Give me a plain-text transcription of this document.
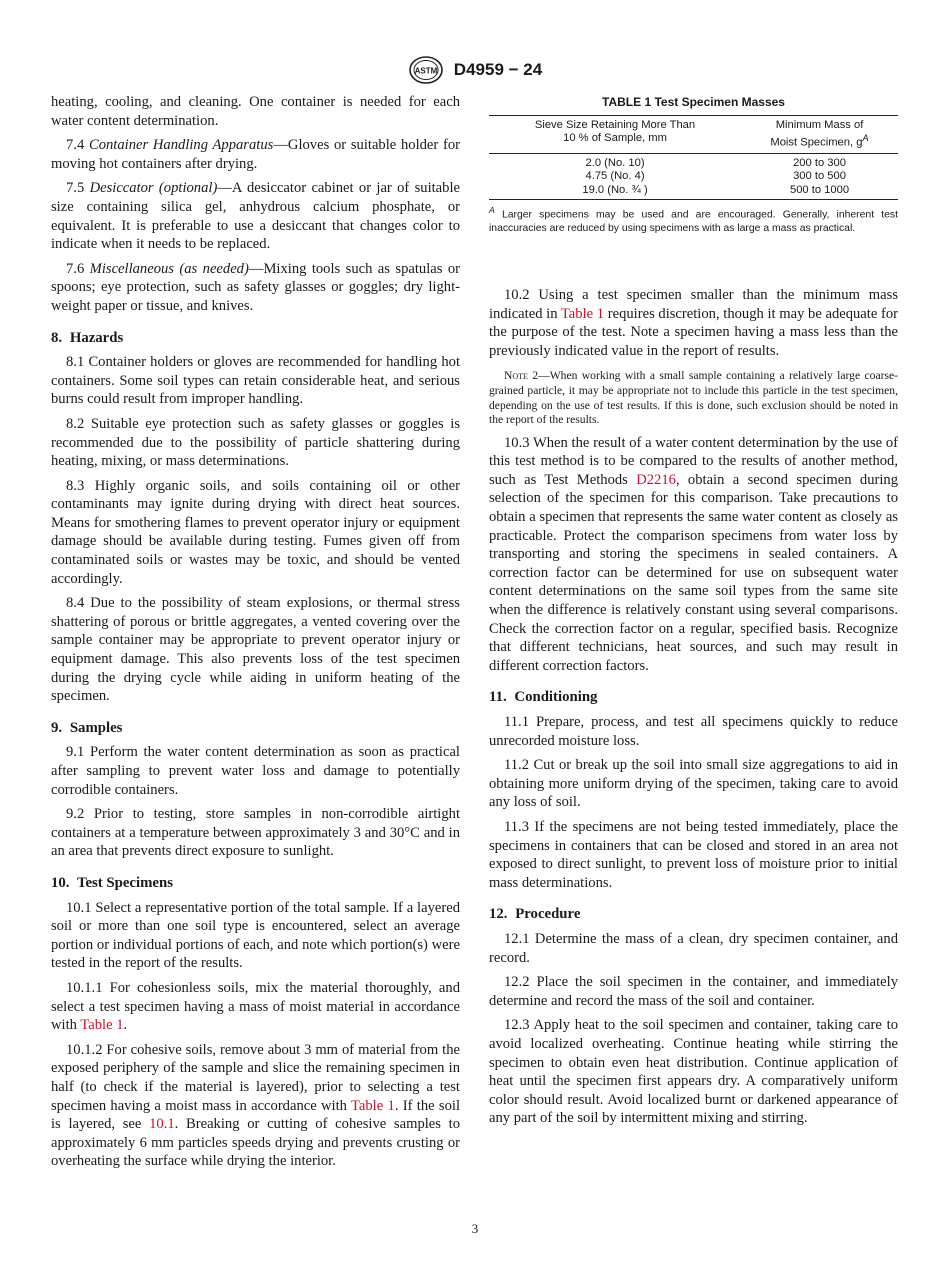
ASTM D4959 − 24

heating, cooling, and cleaning. One container is needed for each water content determination.

7.4 Container Handling Apparatus—Gloves or suitable holder for moving hot containers after drying.

7.5 Desiccator (optional)—A desiccator cabinet or jar of suitable size containing silica gel, anhydrous calcium phosphate, or equivalent. It is preferable to use a desiccant that changes color to indicate when it needs to be replaced.

7.6 Miscellaneous (as needed)—Mixing tools such as spatulas or spoons; eye protection, such as safety glasses or goggles; dry light-weight paper or tissue, and knives.

8. Hazards

8.1 Container holders or gloves are recommended for handling hot containers. Some soil types can retain considerable heat, and serious burns could result from improper handling.

8.2 Suitable eye protection such as safety glasses or goggles is recommended due to the possibility of particle shattering during heating, mixing, or mass determinations.

8.3 Highly organic soils, and soils containing oil or other contaminants may ignite during drying with direct heat sources. Means for smothering flames to prevent operator injury or equipment damage should be available during testing. Fumes given off from contaminated soils or wastes may be toxic, and should be vented accordingly.

8.4 Due to the possibility of steam explosions, or thermal stress shattering of porous or brittle aggregates, a vented covering over the sample container may be appropriate to prevent operator injury or equipment damage. This also prevents loss of the test specimen during the drying cycle while aiding in uniform heating of the specimen.

9. Samples

9.1 Perform the water content determination as soon as practical after sampling to prevent water loss and damage to potentially corrodible containers.

9.2 Prior to testing, store samples in non-corrodible airtight containers at a temperature between approximately 3 and 30°C and in an area that prevents direct exposure to sunlight.

10. Test Specimens

10.1 Select a representative portion of the total sample. If a layered soil or more than one soil type is encountered, select an average portion or individual portions of each, and note which portion(s) were tested in the report of the results.

10.1.1 For cohesionless soils, mix the material thoroughly, and select a test specimen having a mass of moist material in accordance with Table 1.

10.1.2 For cohesive soils, remove about 3 mm of material from the exposed periphery of the sample and slice the remaining specimen in half (to check if the material is layered), prior to selecting a test specimen having a moist mass in accordance with Table 1. If the soil is layered, see 10.1. Breaking or cutting of cohesive samples to approximately 6 mm particles speeds drying and prevents crusting or overheating the surface while drying the interior.

TABLE 1 Test Specimen Masses
Sieve Size Retaining More Than
10 % of Sample, mm	Minimum Mass of
Moist Specimen, $g^A$
2.0 (No. 10)	200 to 300
4.75 (No. 4)	300 to 500
19.0 (No. ¾ )	500 to 1000
$^A$ Larger specimens may be used and are encouraged. Generally, inherent test inaccuracies are reduced by using specimens with as large a mass as practical.

10.2 Using a test specimen smaller than the minimum mass indicated in Table 1 requires discretion, though it may be adequate for the purpose of the test. Note a specimen having a mass less than the previously indicated value in the report of results.

Note 2—When working with a small sample containing a relatively large coarse-grained particle, it may be appropriate not to include this particle in the test specimen, depending on the use of test results. If this is done, such exclusion should be noted in the report of the results.

10.3 When the result of a water content determination by the use of this test method is to be compared to the results of another method, such as Test Methods D2216, obtain a second specimen during selection of the specimen for this comparison. Take precautions to obtain a specimen that represents the same water content as closely as practicable. Protect the comparison specimens from water loss by transporting and storing the specimens in sealed containers. A correction factor can be determined for use on subsequent water content determinations on the same soil types from the same site when the difference is relatively constant using several comparisons. Check the correction factor on a regular, specified basis. Recognize that different technicians, heat sources, and such may result in different correction factors.

11. Conditioning

11.1 Prepare, process, and test all specimens quickly to reduce unrecorded moisture loss.

11.2 Cut or break up the soil into small size aggregations to aid in obtaining more uniform drying of the specimen, taking care to avoid any loss of soil.

11.3 If the specimens are not being tested immediately, place the specimens in containers that can be closed and stored in an area not exposed to direct sunlight, to prevent loss of moisture prior to initial mass determinations.

12. Procedure

12.1 Determine the mass of a clean, dry specimen container, and record.

12.2 Place the soil specimen in the container, and immediately determine and record the mass of the soil and container.

12.3 Apply heat to the soil specimen and container, taking care to avoid localized overheating. Continue heating while stirring the specimen to obtain even heat distribution. Continue application of heat until the specimen first appears dry. A comparatively uniform color should result. Avoid localized burnt or darkened appearance of any part of the soil by intermittent mixing and stirring.

3
